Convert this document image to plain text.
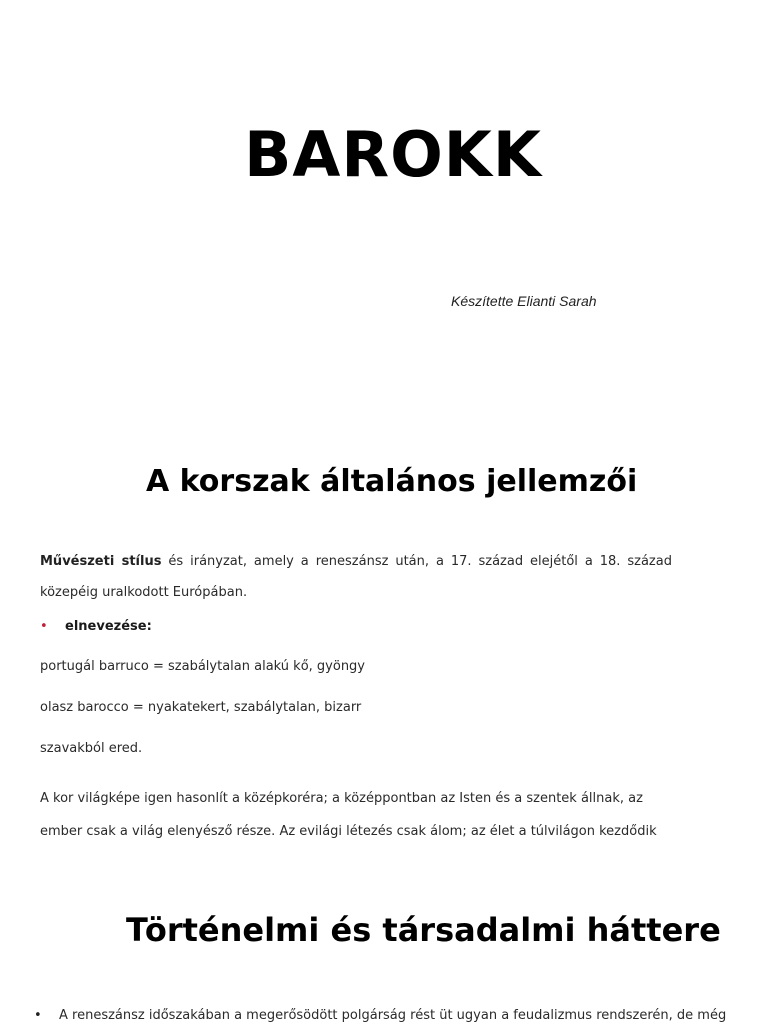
BAROKK
Készítette Elianti Sarah
A korszak általános jellemzői
Művészeti stílus és irányzat, amely a reneszánsz után, a 17. század elejétől a 18. század közepéig uralkodott Európában.
• elnevezése:
portugál barruco = szabálytalan alakú kő, gyöngy
olasz barocco = nyakatekert, szabálytalan, bizarr
szavakból ered.
A kor világképe igen hasonlít a középkoréra; a középpontban az Isten és a szentek állnak, az ember csak a világ elenyésző része. Az evilági létezés csak álom; az élet a túlvilágon kezdődik
Történelmi és társadalmi háttere
• A reneszánsz időszakában a megerősödött polgárság rést üt ugyan a feudalizmus rendszerén, de még
